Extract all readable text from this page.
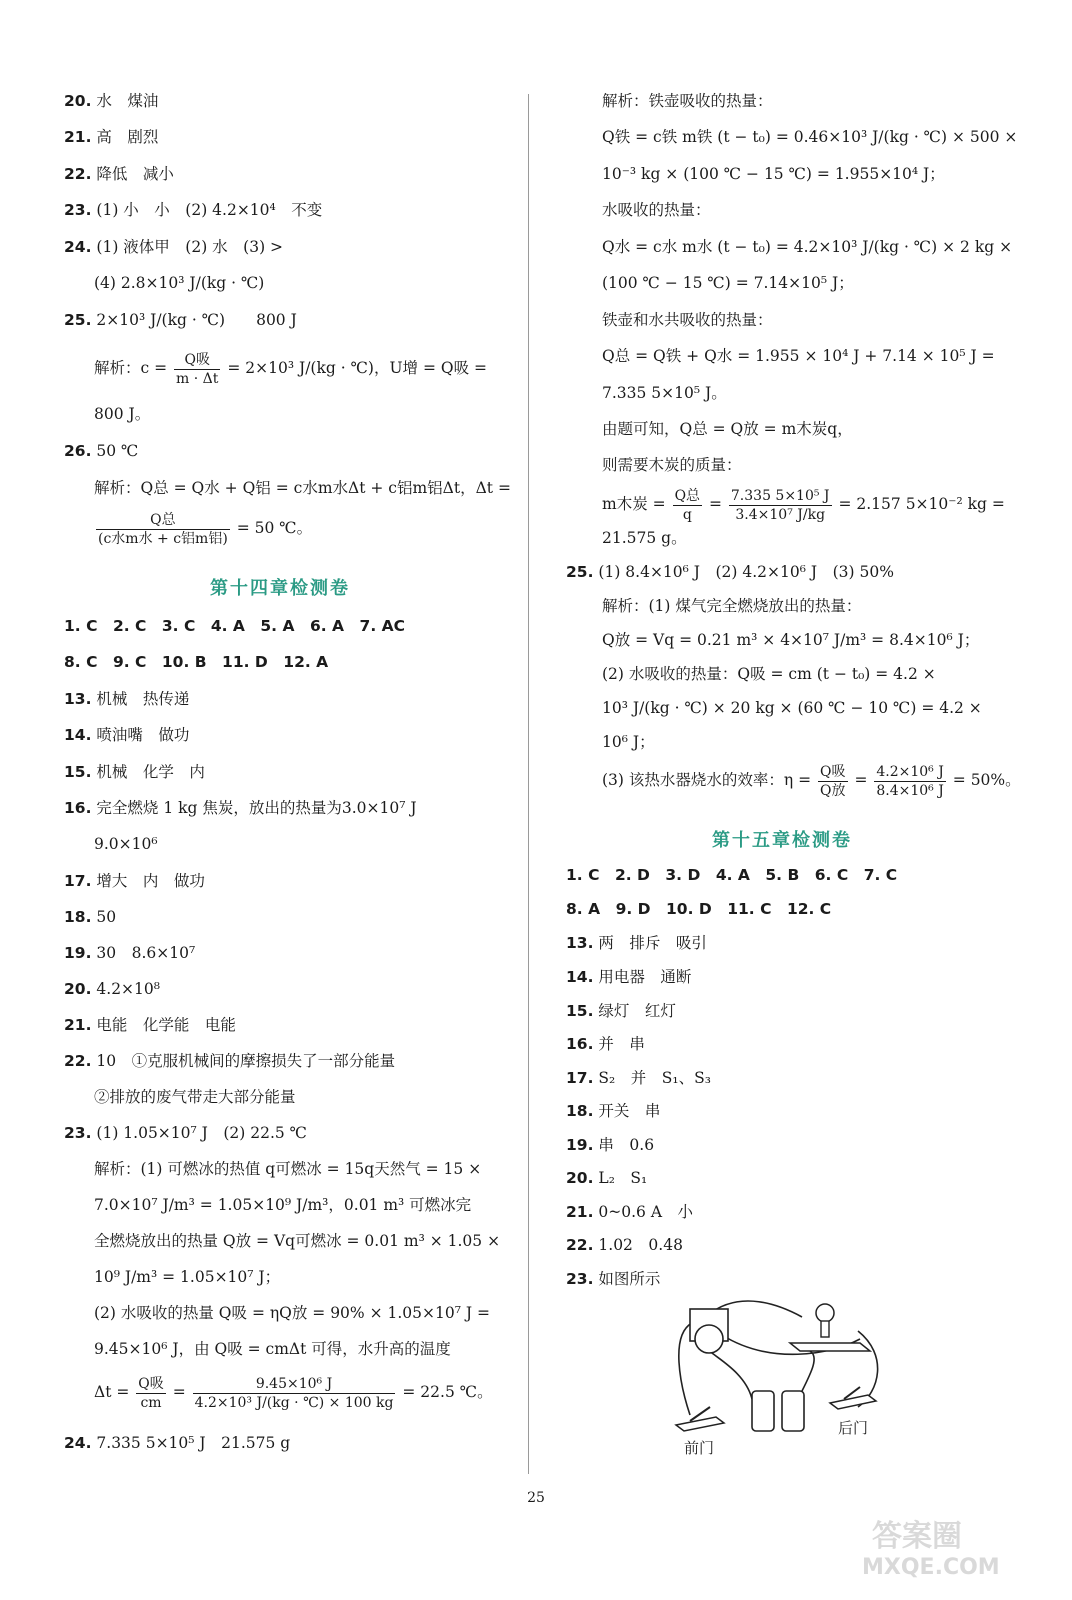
20. 水　煤油
21. 高　剧烈
22. 降低　减小
23. (1) 小　小　(2) 4.2×10⁴　不变
24. (1) 液体甲　(2) 水　(3) >
(4) 2.8×10³ J/(kg · ℃)
25. 2×10³ J/(kg · ℃)　　800 J
解析：$c = \frac{\text{Q吸}}{m \cdot \Delta t} = 2\times 10^3$ J/(kg · ℃)，U增 = Q吸 =
800 J。
26. 50 ℃
解析：Q总 = Q水 + Q铝 = c水m水Δt + c铝m铝Δt，Δt =
$\frac{\text{Q总}}{\text{(c水m水 + c铝m铝)}} = 50$ ℃。
第十四章检测卷
1. C　2. C　3. C　4. A　5. A　6. A　7. AC
8. C　9. C　10. B　11. D　12. A
13. 机械　热传递
14. 喷油嘴　做功
15. 机械　化学　内
16. 完全燃烧 1 kg 焦炭，放出的热量为3.0×10⁷ J
9.0×10⁶
17. 增大　内　做功
18. 50
19. 30　8.6×10⁷
20. 4.2×10⁸
21. 电能　化学能　电能
22. 10　①克服机械间的摩擦损失了一部分能量
②排放的废气带走大部分能量
23. (1) 1.05×10⁷ J　(2) 22.5 ℃
解析：(1) 可燃冰的热值 q可燃冰 = 15q天然气 = 15 ×
7.0×10⁷ J/m³ = 1.05×10⁹ J/m³，0.01 m³ 可燃冰完
全燃烧放出的热量 Q放 = Vq可燃冰 = 0.01 m³ × 1.05 ×
10⁹ J/m³ = 1.05×10⁷ J；
(2) 水吸收的热量 Q吸 = ηQ放 = 90% × 1.05×10⁷ J =
9.45×10⁶ J，由 Q吸 = cmΔt 可得，水升高的温度
$\Delta t = \frac{\text{Q吸}}{cm} = \frac{\text{9.45×10⁶ J}}{\text{4.2×10³ J/(kg · ℃) × 100 kg}} = 22.5$ ℃。
24. 7.335 5×10⁵ J　21.575 g
解析：铁壶吸收的热量：
Q铁 = c铁 m铁 (t − t₀) = 0.46×10³ J/(kg · ℃) × 500 ×
10⁻³ kg × (100 ℃ − 15 ℃) = 1.955×10⁴ J；
水吸收的热量：
Q水 = c水 m水 (t − t₀) = 4.2×10³ J/(kg · ℃) × 2 kg ×
(100 ℃ − 15 ℃) = 7.14×10⁵ J；
铁壶和水共吸收的热量：
Q总 = Q铁 + Q水 = 1.955 × 10⁴ J + 7.14 × 10⁵ J =
7.335 5×10⁵ J。
由题可知，Q总 = Q放 = m木炭q，
则需要木炭的质量：
m木炭 = $\frac{\text{Q总}}{q} = \frac{\text{7.335 5×10⁵ J}}{\text{3.4×10⁷ J/kg}} = 2.157$ 5×10⁻² kg =
21.575 g。
25. (1) 8.4×10⁶ J　(2) 4.2×10⁶ J　(3) 50%
解析：(1) 煤气完全燃烧放出的热量：
Q放 = Vq = 0.21 m³ × 4×10⁷ J/m³ = 8.4×10⁶ J；
(2) 水吸收的热量：Q吸 = cm (t − t₀) = 4.2 ×
10³ J/(kg · ℃) × 20 kg × (60 ℃ − 10 ℃) = 4.2 ×
10⁶ J；
(3) 该热水器烧水的效率：$\eta = \frac{\text{Q吸}}{\text{Q放}} = \frac{\text{4.2×10⁶ J}}{\text{8.4×10⁶ J}} = 50\%$。
第十五章检测卷
1. C　2. D　3. D　4. A　5. B　6. C　7. C
8. A　9. D　10. D　11. C　12. C
13. 两　排斥　吸引
14. 用电器　通断
15. 绿灯　红灯
16. 并　串
17. S₂　并　S₁、S₃
18. 开关　串
19. 串　0.6
20. L₂　S₁
21. 0~0.6 A　小
22. 1.02　0.48
23. 如图所示
前门
后门
25
答案圈
MXQE.COM
